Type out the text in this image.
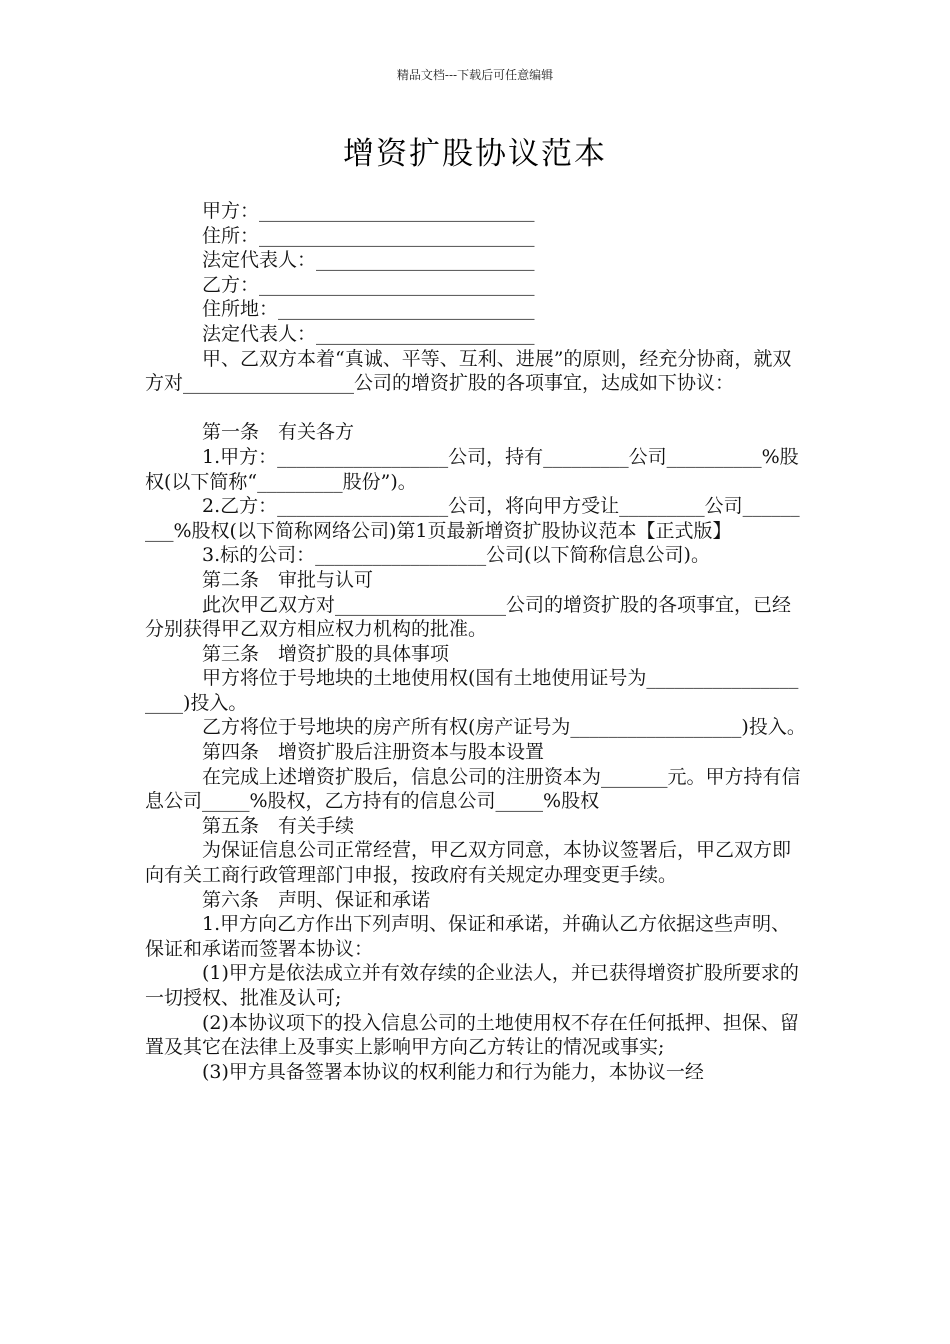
精品文档---下载后可任意编辑
增资扩股协议范本

甲方：_____________________________

住所：_____________________________

法定代表人：_______________________

乙方：_____________________________

住所地：___________________________

法定代表人：_______________________

甲、乙双方本着“真诚、平等、互利、进展”的原则，经充分协商，就双方对__________________公司的增资扩股的各项事宜，达成如下协议：

第一条　有关各方

1.甲方：__________________公司，持有_________公司__________%股权(以下简称“_________股份”)。

2.乙方：__________________公司，将向甲方受让_________公司_________%股权(以下简称网络公司)第1页最新增资扩股协议范本【正式版】

3.标的公司：__________________公司(以下简称信息公司)。

第二条　审批与认可

此次甲乙双方对__________________公司的增资扩股的各项事宜，已经分别获得甲乙双方相应权力机构的批准。

第三条　增资扩股的具体事项

甲方将位于号地块的土地使用权(国有土地使用证号为____________________)投入。

乙方将位于号地块的房产所有权(房产证号为__________________)投入。

第四条　增资扩股后注册资本与股本设置

在完成上述增资扩股后，信息公司的注册资本为_______元。甲方持有信息公司_____%股权，乙方持有的信息公司_____%股权

第五条　有关手续

为保证信息公司正常经营，甲乙双方同意，本协议签署后，甲乙双方即向有关工商行政管理部门申报，按政府有关规定办理变更手续。

第六条　声明、保证和承诺

1.甲方向乙方作出下列声明、保证和承诺，并确认乙方依据这些声明、保证和承诺而签署本协议：

(1)甲方是依法成立并有效存续的企业法人，并已获得增资扩股所要求的一切授权、批准及认可;

(2)本协议项下的投入信息公司的土地使用权不存在任何抵押、担保、留置及其它在法律上及事实上影响甲方向乙方转让的情况或事实;

(3)甲方具备签署本协议的权利能力和行为能力，本协议一经
